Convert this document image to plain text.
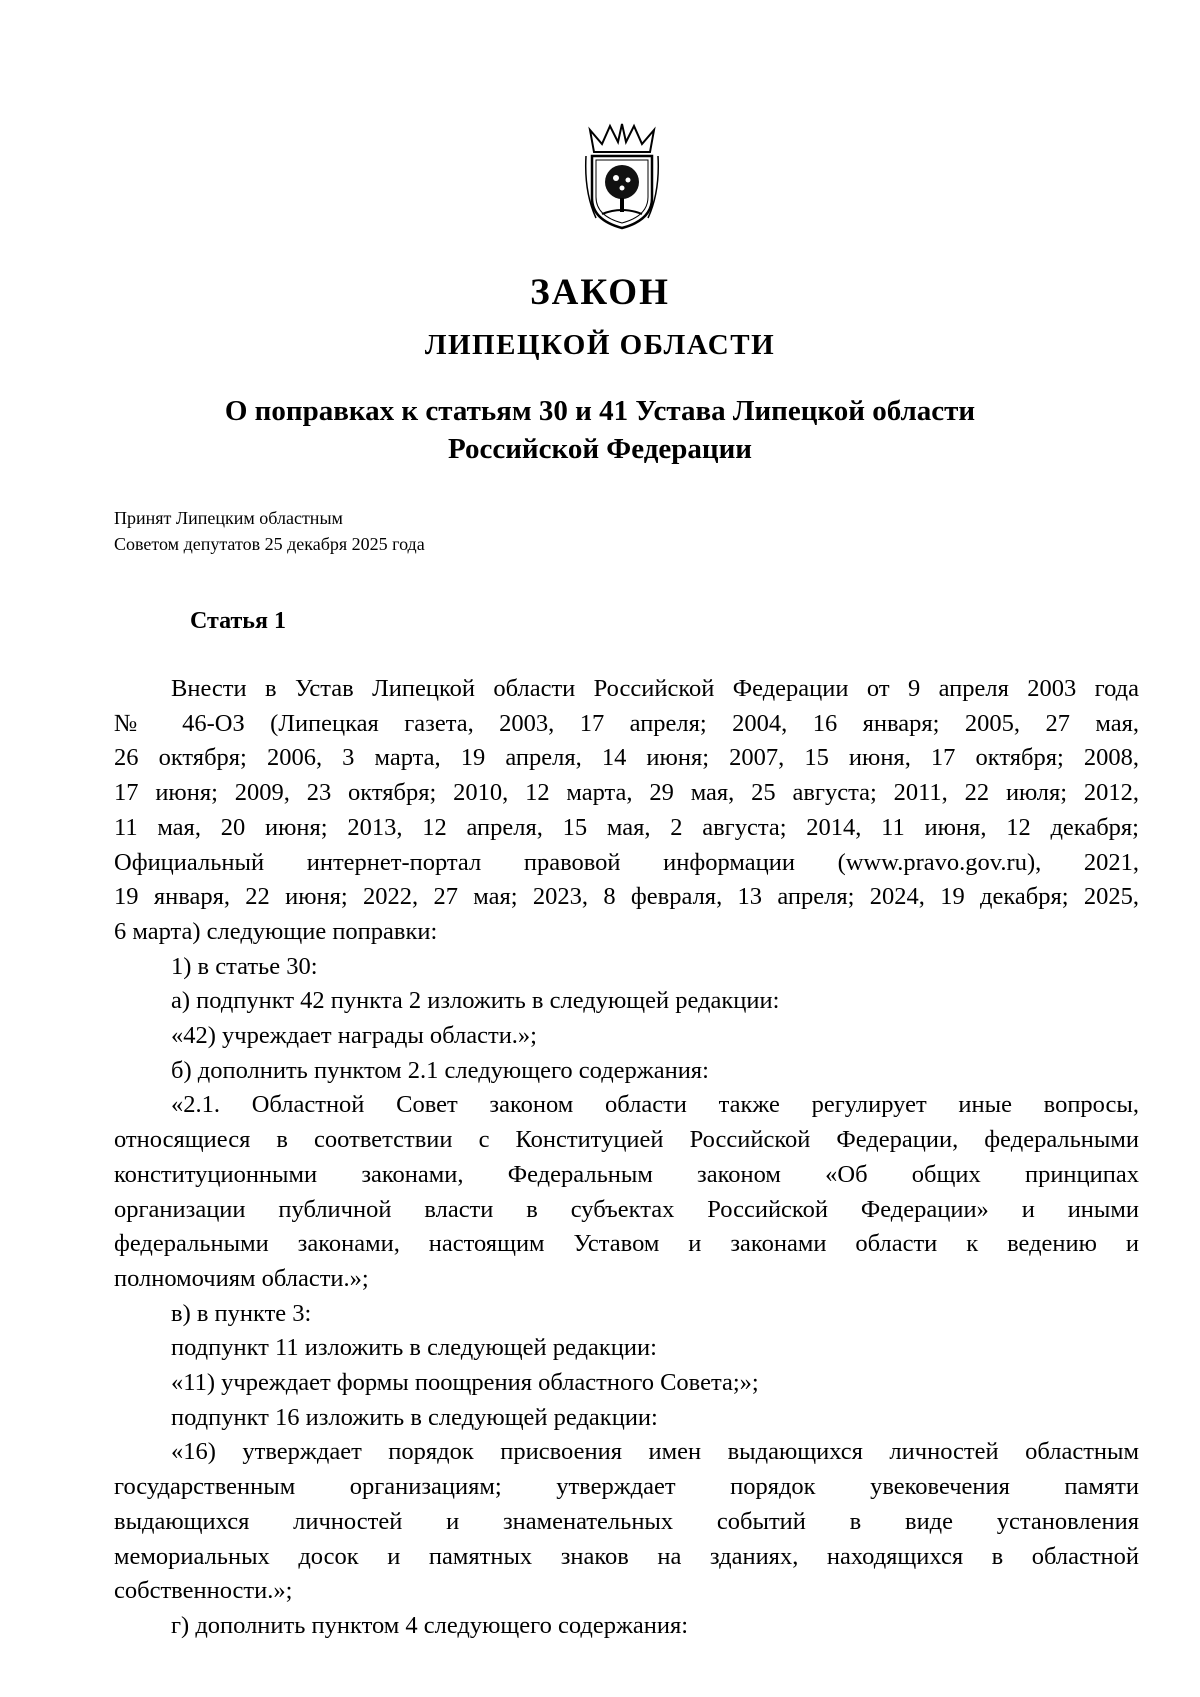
ЗАКОН
ЛИПЕЦКОЙ ОБЛАСТИ
О поправках к статьям 30 и 41 Устава Липецкой области
Российской Федерации
Принят Липецким областным
Советом депутатов 25 декабря 2025 года
Статья 1

Внести в Устав Липецкой области Российской Федерации от 9 апреля 2003 года

№ 46-ОЗ (Липецкая газета, 2003, 17 апреля; 2004, 16 января; 2005, 27 мая,

26 октября; 2006, 3 марта, 19 апреля, 14 июня; 2007, 15 июня, 17 октября; 2008,

17 июня; 2009, 23 октября; 2010, 12 марта, 29 мая, 25 августа; 2011, 22 июля; 2012,

11 мая, 20 июня; 2013, 12 апреля, 15 мая, 2 августа; 2014, 11 июня, 12 декабря;

Официальный интернет-портал правовой информации (www.pravo.gov.ru), 2021,

19 января, 22 июня; 2022, 27 мая; 2023, 8 февраля, 13 апреля; 2024, 19 декабря; 2025,

6 марта) следующие поправки:

1) в статье 30:

а) подпункт 42 пункта 2 изложить в следующей редакции:

«42) учреждает награды области.»;

б) дополнить пунктом 2.1 следующего содержания:

«2.1. Областной Совет законом области также регулирует иные вопросы,

относящиеся в соответствии с Конституцией Российской Федерации, федеральными

конституционными законами, Федеральным законом «Об общих принципах

организации публичной власти в субъектах Российской Федерации» и иными

федеральными законами, настоящим Уставом и законами области к ведению и

полномочиям области.»;

в) в пункте 3:

подпункт 11 изложить в следующей редакции:

«11) учреждает формы поощрения областного Совета;»;

подпункт 16 изложить в следующей редакции:

«16) утверждает порядок присвоения имен выдающихся личностей областным

государственным организациям; утверждает порядок увековечения памяти

выдающихся личностей и знаменательных событий в виде установления

мемориальных досок и памятных знаков на зданиях, находящихся в областной

собственности.»;

г) дополнить пунктом 4 следующего содержания:
